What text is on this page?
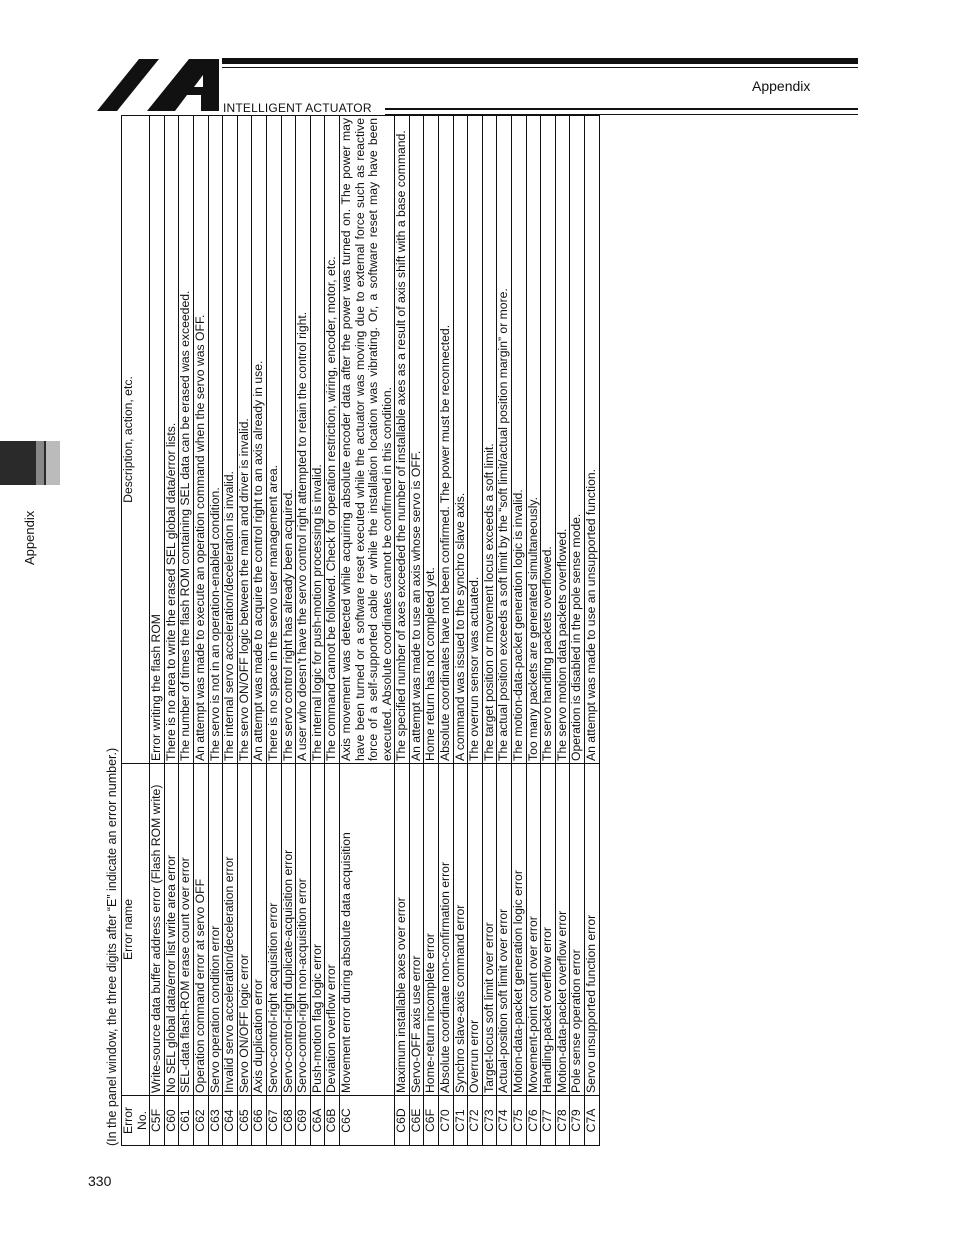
INTELLIGENT ACTUATOR
Appendix
Appendix
330
(In the panel window, the three digits after “E” indicate an error number.) Error No.	Error name	Description, action, etc.
C5F	Write-source data buffer address error (Flash ROM write)	Error writing the flash ROM
C60	No SEL global data/error list write area error	There is no area to write the erased SEL global data/error lists.
C61	SEL-data flash-ROM erase count over error	The number of times the flash ROM containing SEL data can be erased was exceeded.
C62	Operation command error at servo OFF	An attempt was made to execute an operation command when the servo was OFF.
C63	Servo operation condition error	The servo is not in an operation-enabled condition.
C64	Invalid servo acceleration/deceleration error	The internal servo acceleration/deceleration is invalid.
C65	Servo ON/OFF logic error	The servo ON/OFF logic between the main and driver is invalid.
C66	Axis duplication error	An attempt was made to acquire the control right to an axis already in use.
C67	Servo-control-right acquisition error	There is no space in the servo user management area.
C68	Servo-control-right duplicate-acquisition error	The servo control right has already been acquired.
C69	Servo-control-right non-acquisition error	A user who doesn’t have the servo control right attempted to retain the control right.
C6A	Push-motion flag logic error	The internal logic for push-motion processing is invalid.
C6B	Deviation overflow error	The command cannot be followed. Check for operation restriction, wiring, encoder, motor, etc.
C6C	Movement error during absolute data acquisition	Axis movement was detected while acquiring absolute encoder data after the power was turned on. The power may have been turned or a software reset executed while the actuator was moving due to external force such as reactive force of a self-supported cable or while the installation location was vibrating. Or, a software reset may have been executed. Absolute coordinates cannot be confirmed in this condition.
C6D	Maximum installable axes over error	The specified number of axes exceeded the number of installable axes as a result of axis shift with a base command.
C6E	Servo-OFF axis use error	An attempt was made to use an axis whose servo is OFF.
C6F	Home-return incomplete error	Home return has not completed yet.
C70	Absolute coordinate non-confirmation error	Absolute coordinates have not been confirmed. The power must be reconnected.
C71	Synchro slave-axis command error	A command was issued to the synchro slave axis.
C72	Overrun error	The overrun sensor was actuated.
C73	Target-locus soft limit over error	The target position or movement locus exceeds a soft limit.
C74	Actual-position soft limit over error	The actual position exceeds a soft limit by the “soft limit/actual position margin” or more.
C75	Motion-data-packet generation logic error	The motion-data-packet generation logic is invalid.
C76	Movement-point count over error	Too many packets are generated simultaneously.
C77	Handling-packet overflow error	The servo handling packets overflowed.
C78	Motion-data-packet overflow error	The servo motion data packets overflowed.
C79	Pole sense operation error	Operation is disabled in the pole sense mode.
C7A	Servo unsupported function error	An attempt was made to use an unsupported function.
